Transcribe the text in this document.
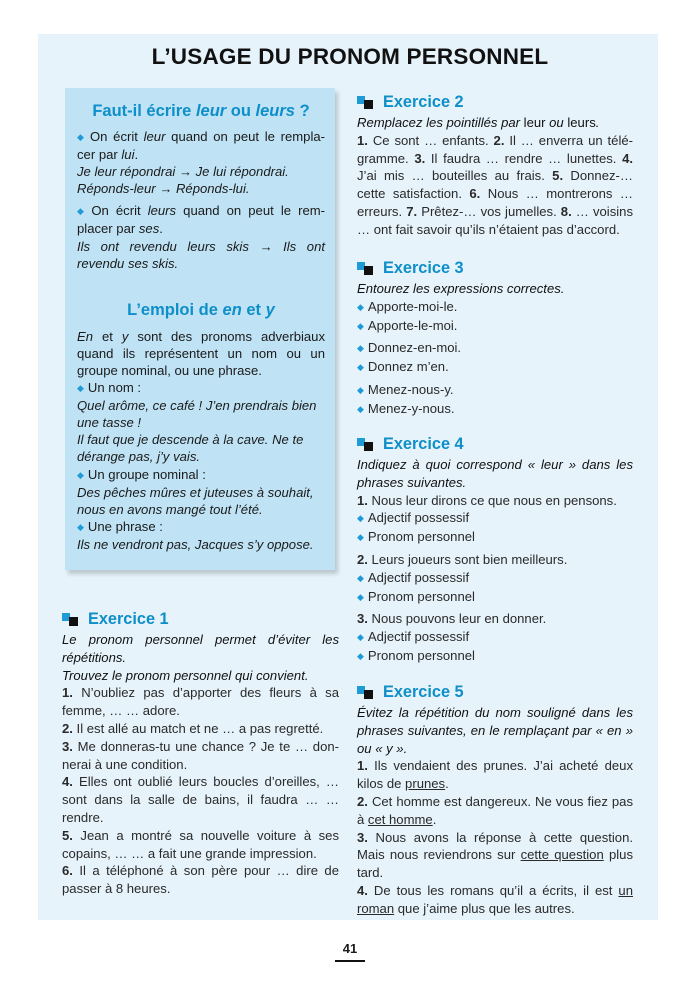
L’USAGE DU PRONOM PERSONNEL
Faut-il écrire leur ou leurs ?

◆ On écrit leur quand on peut le rempla-cer par lui.

Je leur répondrai → Je lui répondrai.

Réponds-leur → Réponds-lui.

◆ On écrit leurs quand on peut le rem-placer par ses.

Ils ont revendu leurs skis → Ils ont revendu ses skis.

L’emploi de en et y

En et y sont des pronoms adverbiaux quand ils représentent un nom ou un groupe nominal, ou une phrase.

◆ Un nom :

Quel arôme, ce café ! J’en prendrais bien une tasse !

Il faut que je descende à la cave. Ne te dérange pas, j’y vais.

◆ Un groupe nominal :

Des pêches mûres et juteuses à souhait, nous en avons mangé tout l’été.

◆ Une phrase :

Ils ne vendront pas, Jacques s’y oppose.

Exercice 1

Le pronom personnel permet d’éviter les répétitions.

Trouvez le pronom personnel qui convient.

1. N’oubliez pas d’apporter des fleurs à sa femme, … … adore.

2. Il est allé au match et ne … a pas regretté.

3. Me donneras-tu une chance ? Je te … don-nerai à une condition.

4. Elles ont oublié leurs boucles d’oreilles, … sont dans la salle de bains, il faudra … … rendre.

5. Jean a montré sa nouvelle voiture à ses copains, … … a fait une grande impression.

6. Il a téléphoné à son père pour … dire de passer à 8 heures.

Exercice 2

Remplacez les pointillés par leur ou leurs.

1. Ce sont … enfants. 2. Il … enverra un télé-gramme. 3. Il faudra … rendre … lunettes. 4. J’ai mis … bouteilles au frais. 5. Donnez-… cette satisfaction. 6. Nous … montrerons … erreurs. 7. Prêtez-… vos jumelles. 8. … voisins … ont fait savoir qu’ils n’étaient pas d’accord.

Exercice 3

Entourez les expressions correctes.

◆ Apporte-moi-le.

◆ Apporte-le-moi.

◆ Donnez-en-moi.

◆ Donnez m’en.

◆ Menez-nous-y.

◆ Menez-y-nous.

Exercice 4

Indiquez à quoi correspond « leur » dans les phrases suivantes.

1. Nous leur dirons ce que nous en pensons.

◆ Adjectif possessif

◆ Pronom personnel

2. Leurs joueurs sont bien meilleurs.

◆ Adjectif possessif

◆ Pronom personnel

3. Nous pouvons leur en donner.

◆ Adjectif possessif

◆ Pronom personnel

Exercice 5

Évitez la répétition du nom souligné dans les phrases suivantes, en le remplaçant par « en » ou « y ».

1. Ils vendaient des prunes. J’ai acheté deux kilos de prunes.

2. Cet homme est dangereux. Ne vous fiez pas à cet homme.

3. Nous avons la réponse à cette question. Mais nous reviendrons sur cette question plus tard.

4. De tous les romans qu’il a écrits, il est un roman que j’aime plus que les autres.

41
